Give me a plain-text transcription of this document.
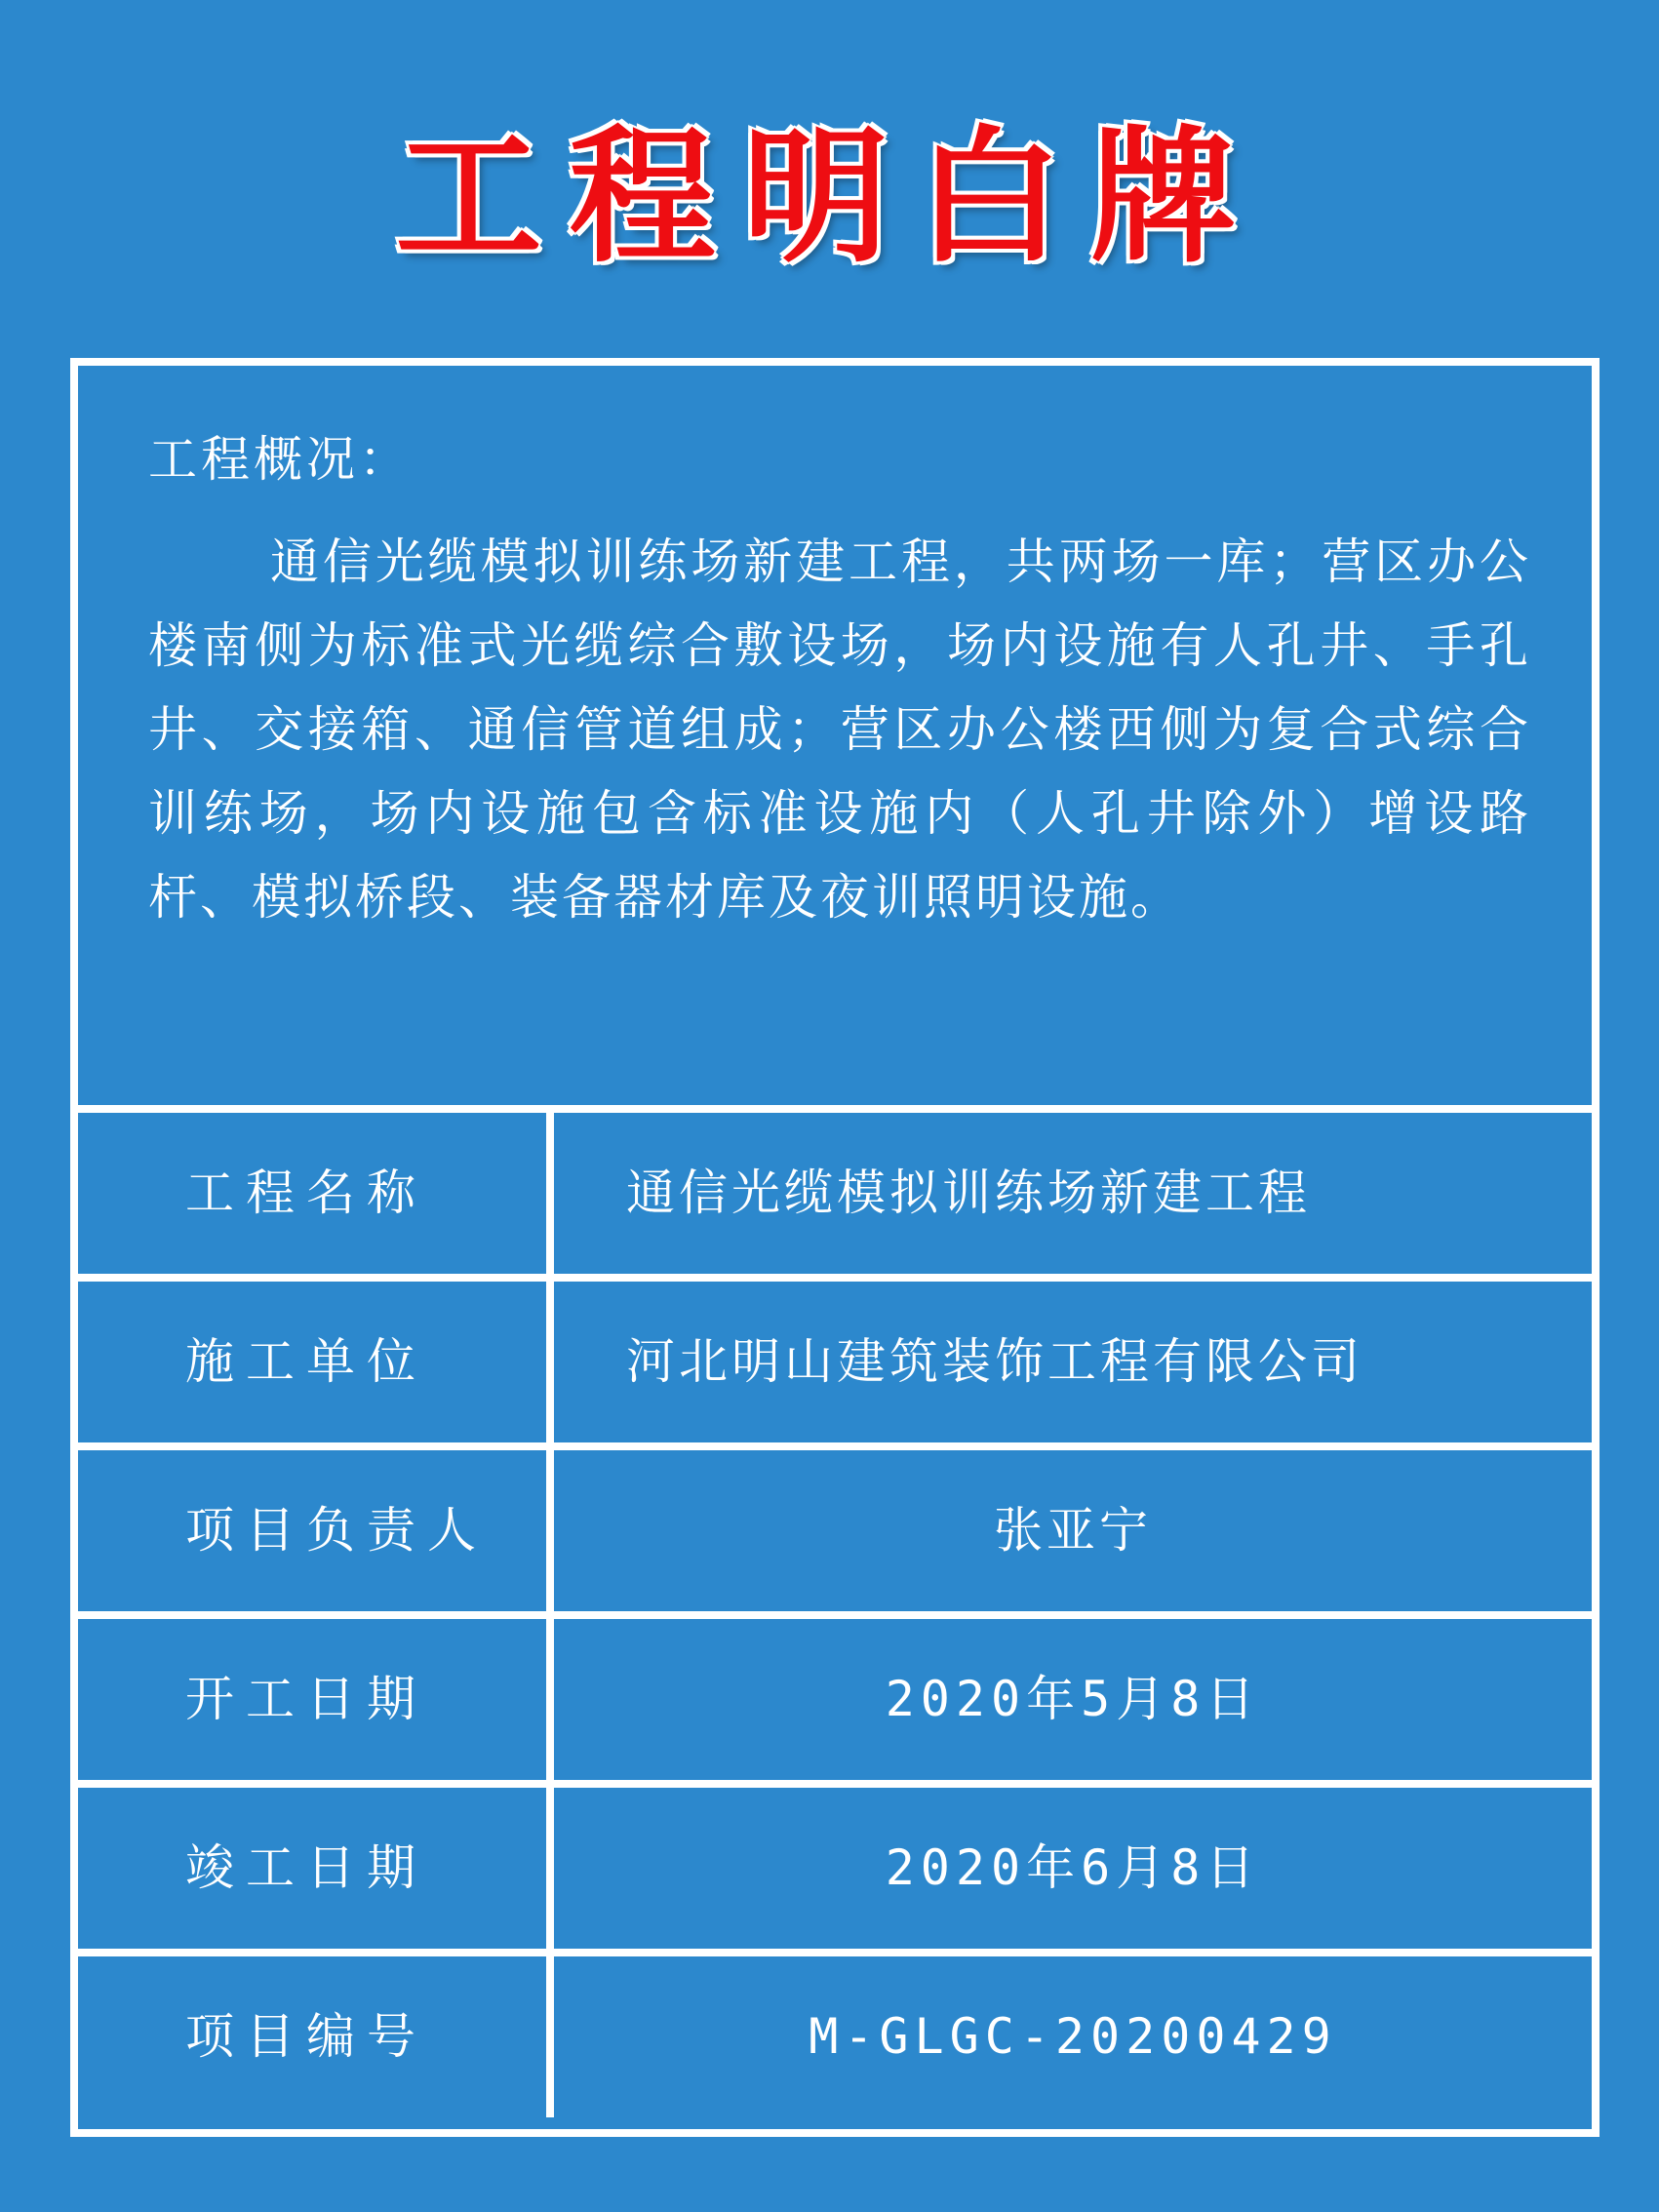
工程明白牌
工程概况：
通信光缆模拟训练场新建工程，共两场一库；营区办公楼南侧为标准式光缆综合敷设场，场内设施有人孔井、手孔井、交接箱、通信管道组成；营区办公楼西侧为复合式综合训练场，场内设施包含标准设施内（人孔井除外）增设路杆、模拟桥段、装备器材库及夜训照明设施。
工程名称	通信光缆模拟训练场新建工程
施工单位	河北明山建筑装饰工程有限公司
项目负责人	张亚宁
开工日期	2020年5月8日
竣工日期	2020年6月8日
项目编号	M-GLGC-20200429
